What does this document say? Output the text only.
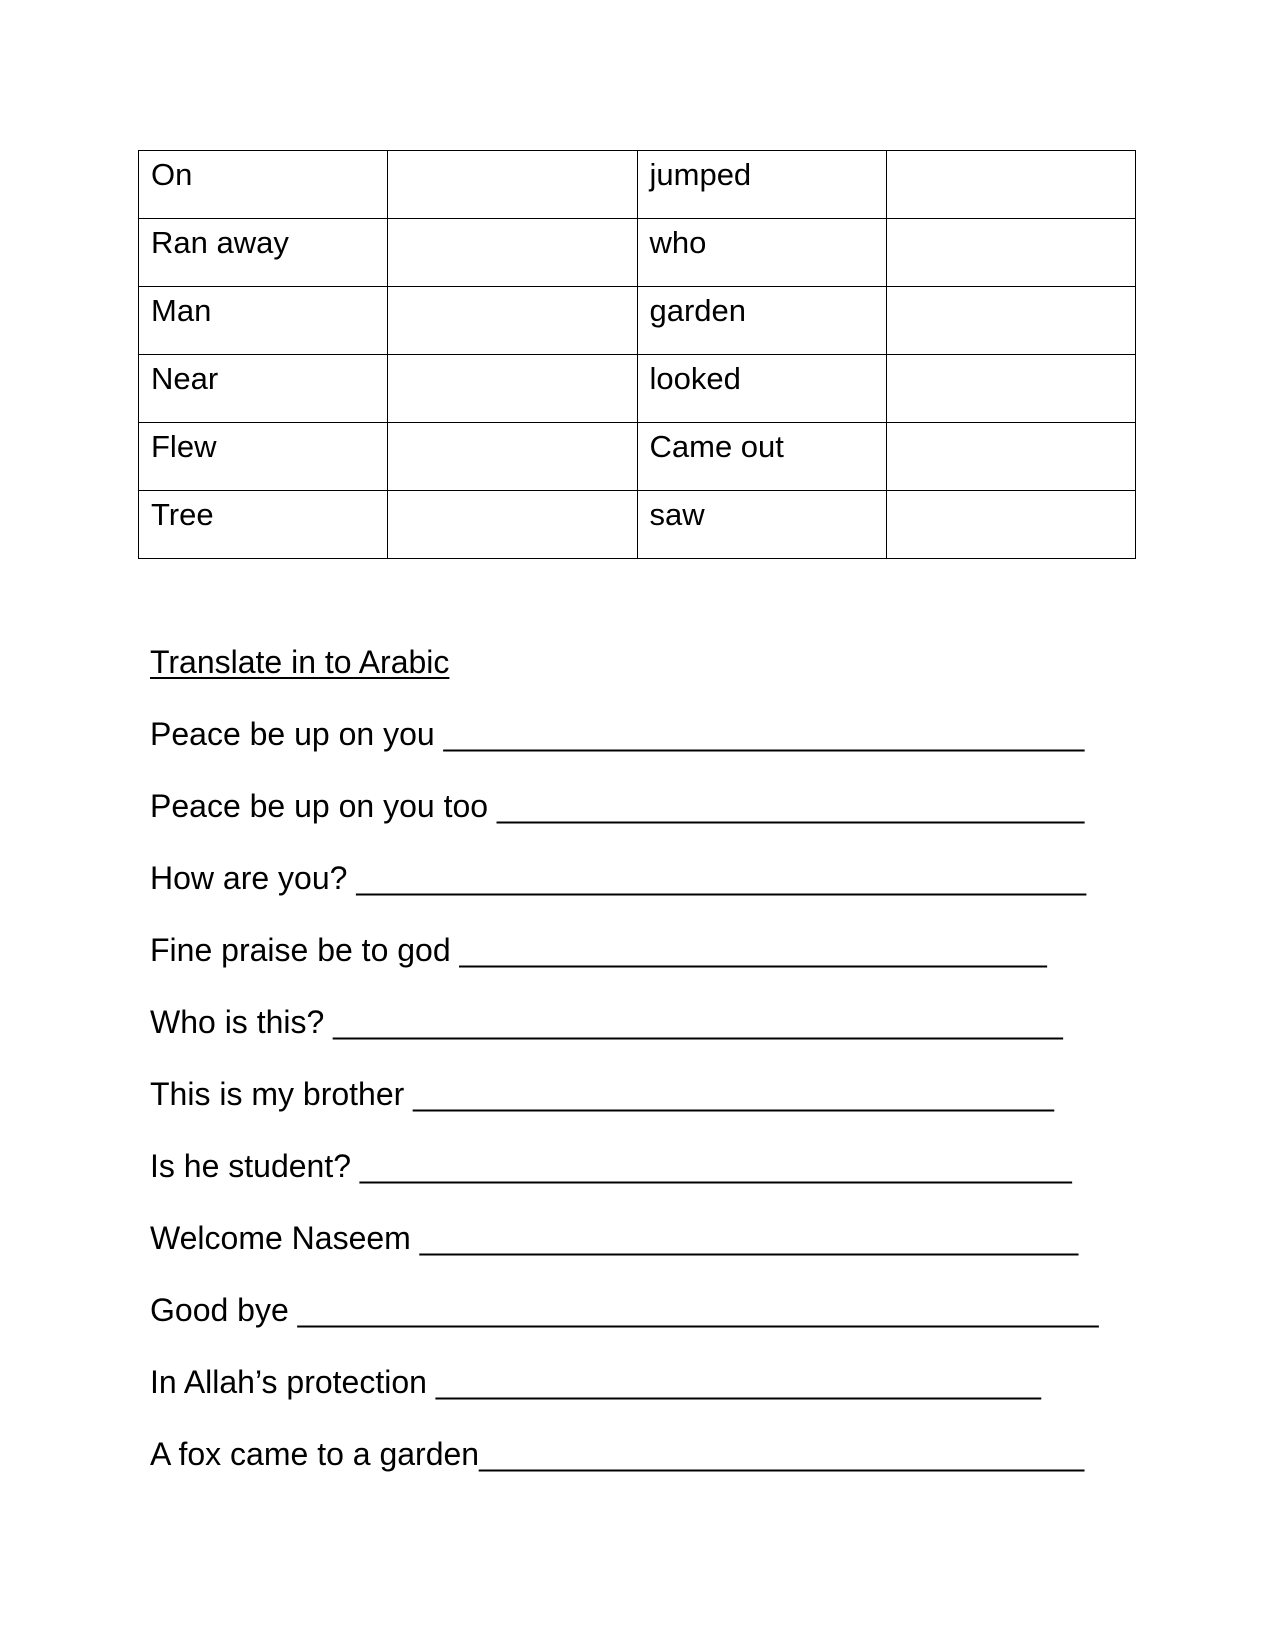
On		jumped	
Ran away		who	
Man		garden	
Near		looked	
Flew		Came out	
Tree		saw	
Translate in to Arabic
Peace be up on you ____________________________________
Peace be up on you too _________________________________
How are you? _________________________________________
Fine praise be to god _________________________________
Who is this? _________________________________________
This is my brother ____________________________________
Is he student? ________________________________________
Welcome Naseem _____________________________________
Good bye _____________________________________________
In Allah’s protection __________________________________
A fox came to a garden__________________________________
